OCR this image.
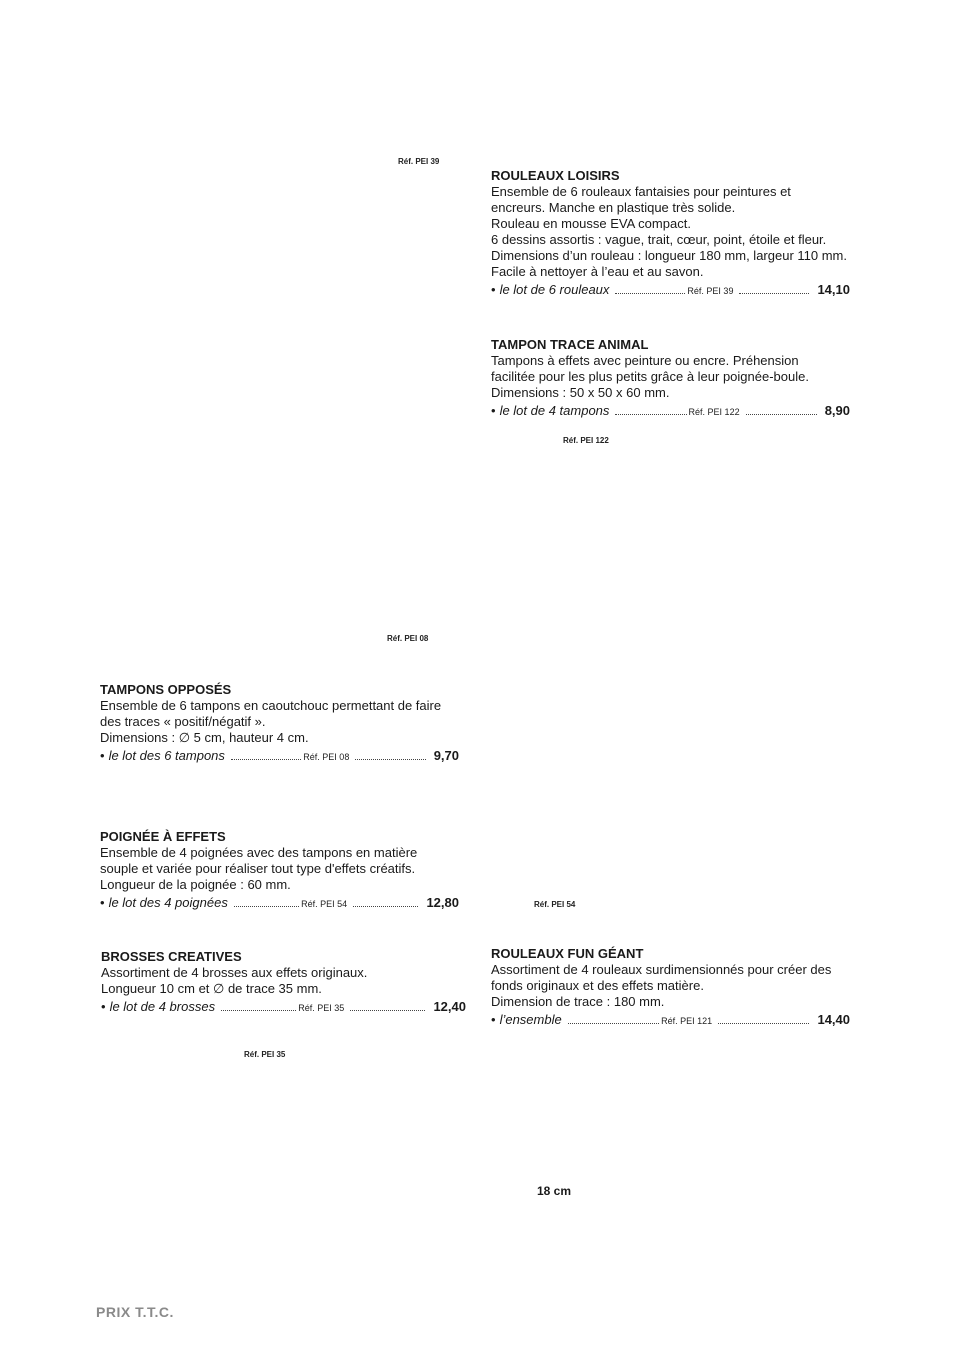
Réf. PEI 39
Réf. PEI 122
Réf. PEI 08
Réf. PEI 54
Réf. PEI 35

ROULEAUX LOISIRS

Ensemble de 6 rouleaux fantaisies pour peintures et
encreurs. Manche en plastique très solide.
Rouleau en mousse EVA compact.
6 dessins assortis : vague, trait, cœur, point, étoile et fleur.
Dimensions d’un rouleau : longueur 180 mm, largeur 110 mm.
Facile à nettoyer à l’eau et au savon.

• le lot de 6 rouleaux	Réf. PEI 39	14,10

TAMPON TRACE ANIMAL

Tampons à effets avec peinture ou encre. Préhension
facilitée pour les plus petits grâce à leur poignée-boule.
Dimensions : 50 x 50 x 60 mm.

• le lot de 4 tampons	Réf. PEI 122	8,90

TAMPONS OPPOSÉS

Ensemble de 6 tampons en caoutchouc permettant de faire
des traces « positif/négatif ».
Dimensions : ∅ 5 cm, hauteur 4 cm.

• le lot des 6 tampons	Réf. PEI 08	9,70

POIGNÉE À EFFETS

Ensemble de 4 poignées avec des tampons en matière
souple et variée pour réaliser tout type d'effets créatifs.
Longueur de la poignée : 60 mm.

• le lot des 4 poignées	Réf. PEI 54	12,80

BROSSES CREATIVES

Assortiment de 4 brosses aux effets originaux.
Longueur 10 cm et ∅ de trace 35 mm.

• le lot de 4 brosses	Réf. PEI 35	12,40

ROULEAUX FUN GÉANT

Assortiment de 4 rouleaux surdimensionnés pour créer des
fonds originaux et des effets matière.
Dimension de trace : 180 mm.

• l’ensemble	Réf. PEI 121	14,40
18 cm
PRIX T.T.C.
